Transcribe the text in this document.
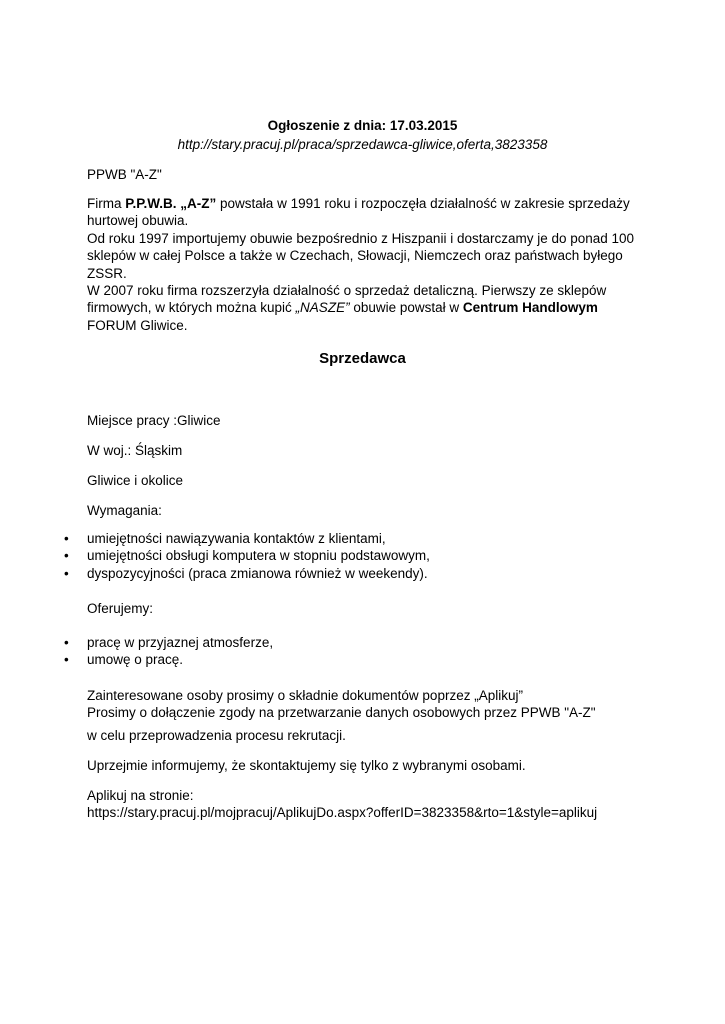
Ogłoszenie z dnia: 17.03.2015
http://stary.pracuj.pl/praca/sprzedawca-gliwice,oferta,3823358
PPWB "A-Z"
Firma P.P.W.B. „A-Z” powstała w 1991 roku i rozpoczęła działalność w zakresie sprzedaży hurtowej obuwia.
Od roku 1997 importujemy obuwie bezpośrednio z Hiszpanii i dostarczamy je do ponad 100 sklepów w całej Polsce a także w Czechach, Słowacji, Niemczech oraz państwach byłego ZSSR.
W 2007 roku firma rozszerzyła działalność o sprzedaż detaliczną. Pierwszy ze sklepów firmowych, w których można kupić „NASZE” obuwie powstał w Centrum Handlowym FORUM Gliwice.
Sprzedawca
Miejsce pracy :Gliwice
W woj.: Śląskim
Gliwice i okolice
Wymagania:
• umiejętności nawiązywania kontaktów z klientami,
• umiejętności obsługi komputera w stopniu podstawowym,
• dyspozycyjności (praca zmianowa również w weekendy).
Oferujemy:
• pracę w przyjaznej atmosferze,
• umowę o pracę.
Zainteresowane osoby prosimy o składnie dokumentów poprzez „Aplikuj”
Prosimy o dołączenie zgody na przetwarzanie danych osobowych przez PPWB "A-Z"
w celu przeprowadzenia procesu rekrutacji.
Uprzejmie informujemy, że skontaktujemy się tylko z wybranymi osobami.
Aplikuj na stronie:
https://stary.pracuj.pl/mojpracuj/AplikujDo.aspx?offerID=3823358&rto=1&style=aplikuj
